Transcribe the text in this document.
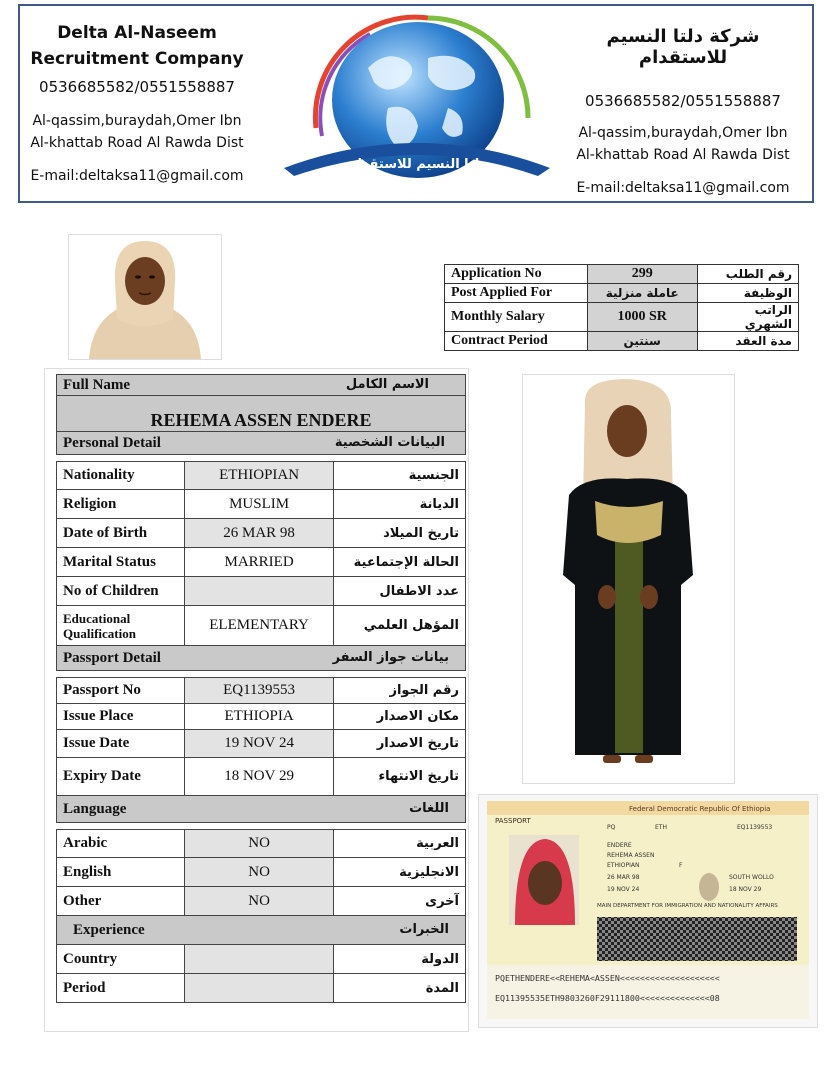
Delta Al-Naseem
Recruitment Company
0536685582/0551558887
Al-qassim,buraydah,Omer Ibn
Al-khattab Road Al Rawda Dist
E-mail:deltaksa11@gmail.com
دلتا النسيم للاستقدام
شركة دلتا النسيم للاستقدام
0536685582/0551558887
Al-qassim,buraydah,Omer Ibn
Al-khattab Road Al Rawda Dist
E-mail:deltaksa11@gmail.com
Application No	299	رقم الطلب
Post Applied For	عاملة منزلية	الوظيفة
Monthly Salary	1000 SR	الراتب الشهري
Contract Period	سنتين	مدة العقد
Full Name الاسم الكامل		

REHEMA ASSEN ENDERE		

Personal Detail البيانات الشخصية		

Nationality	ETHIOPIAN	الجنسية
Religion	MUSLIM	الديانة
Date of Birth	26 MAR 98	تاريخ الميلاد
Marital Status	MARRIED	الحالة الإجتماعية
No of Children		عدد الاطفال
Educational Qualification	ELEMENTARY	المؤهل العلمي

Passport Detail بيانات جواز السفر		

Passport No	EQ1139553	رقم الجواز
Issue Place	ETHIOPIA	مكان الاصدار
Issue Date	19 NOV 24	تاريخ الاصدار
Expiry Date	18 NOV 29	تاريخ الانتهاء

Language اللغات		

Arabic	NO	العربية
English	NO	الانجليزية
Other	NO	آخرى

Experience الخبرات		

Country		الدولة
Period		المدة
Federal Democratic Republic Of Ethiopia
PASSPORT
PQ	ETH	EQ1139553
ENDERE
REHEMA ASSEN
ETHIOPIAN	F
26 MAR 98	SOUTH WOLLO
19 NOV 24	18 NOV 29
MAIN DEPARTMENT FOR IMMIGRATION AND NATIONALITY AFFAIRS
PQETHENDERE<<REHEMA<ASSEN<<<<<<<<<<<<<<<<<<<<
EQ11395535ETH9803260F29111800<<<<<<<<<<<<<<08
